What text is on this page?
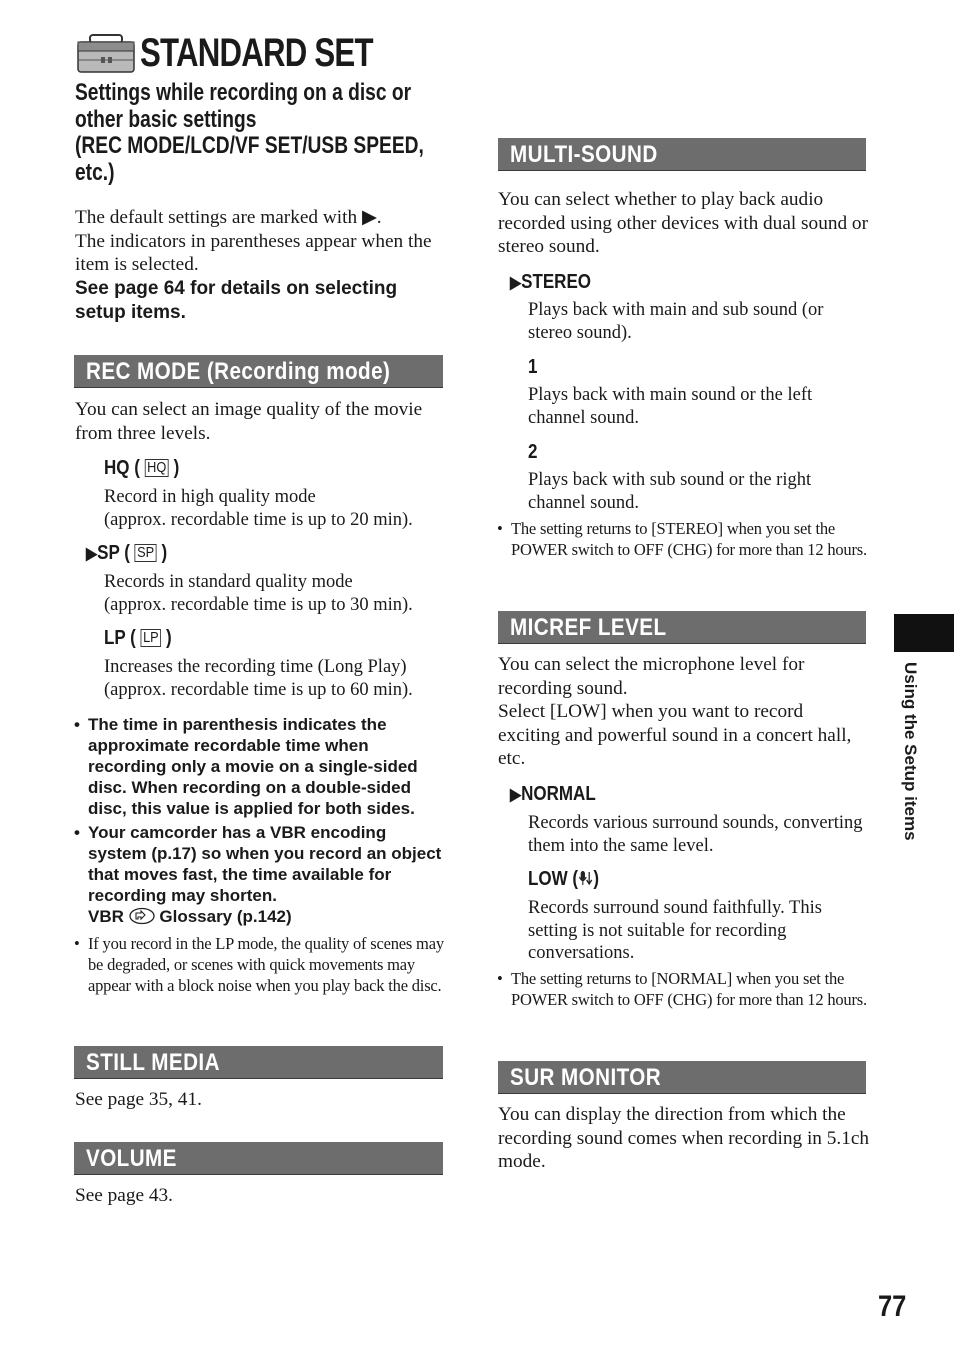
STANDARD SET
Settings while recording on a disc or
other basic settings
(REC MODE/LCD/VF SET/USB SPEED,
etc.)
The default settings are marked with ▶.
The indicators in parentheses appear when the item is selected.
See page 64 for details on selecting setup items.
REC MODE (Recording mode)
You can select an image quality of the movie from three levels.
HQ ( HQ )
Record in high quality mode
(approx. recordable time is up to 20 min).
▶SP ( SP )
Records in standard quality mode
(approx. recordable time is up to 30 min).
LP ( LP )
Increases the recording time (Long Play)
(approx. recordable time is up to 60 min).
• The time in parenthesis indicates the approximate recordable time when recording only a movie on a single-sided disc. When recording on a double-sided disc, this value is applied for both sides.
• Your camcorder has a VBR encoding system (p.17) so when you record an object that moves fast, the time available for recording may shorten.
VBR Glossary (p.142)
• If you record in the LP mode, the quality of scenes may be degraded, or scenes with quick movements may appear with a block noise when you play back the disc.
STILL MEDIA
See page 35, 41.
VOLUME
See page 43.
MULTI-SOUND
You can select whether to play back audio recorded using other devices with dual sound or stereo sound.
▶STEREO
Plays back with main and sub sound (or stereo sound).
1
Plays back with main sound or the left channel sound.
2
Plays back with sub sound or the right channel sound.
• The setting returns to [STEREO] when you set the POWER switch to OFF (CHG) for more than 12 hours.
MICREF LEVEL
You can select the microphone level for recording sound.
Select [LOW] when you want to record exciting and powerful sound in a concert hall, etc.
▶NORMAL
Records various surround sounds, converting them into the same level.
LOW ( )
Records surround sound faithfully. This setting is not suitable for recording conversations.
• The setting returns to [NORMAL] when you set the POWER switch to OFF (CHG) for more than 12 hours.
SUR MONITOR
You can display the direction from which the recording sound comes when recording in 5.1ch mode.
Using the Setup items
77
